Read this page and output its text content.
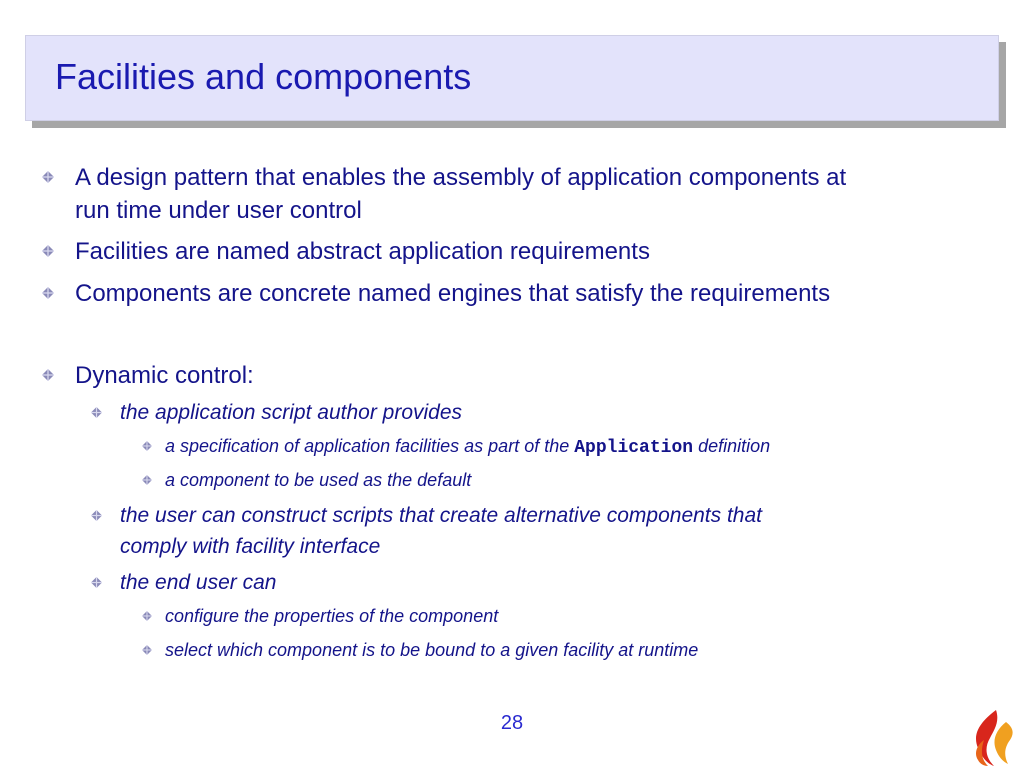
Facilities and components
A design pattern that enables the assembly of application components at
run time under user control
Facilities are named abstract application requirements
Components are concrete named engines that satisfy the requirements
Dynamic control:
the application script author provides
a specification of application facilities as part of the Application definition
a component to be used as the default
the user can construct scripts that create alternative components that
comply with facility interface
the end user can
configure the properties of the component
select which component is to be bound to a given facility at runtime
28
